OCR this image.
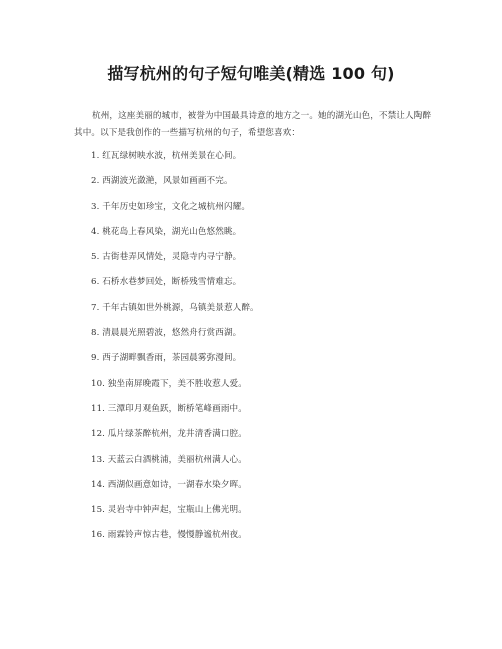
描写杭州的句子短句唯美(精选 100 句)

杭州，这座美丽的城市，被誉为中国最具诗意的地方之一。她的湖光山色，不禁让人陶醉其中。以下是我创作的一些描写杭州的句子，希望您喜欢：

1. 红瓦绿树映水波，杭州美景在心间。
2. 西湖波光潋滟，风景如画画不完。
3. 千年历史如珍宝，文化之城杭州闪耀。
4. 桃花岛上春风染，湖光山色悠然眺。
5. 古街巷弄风情处，灵隐寺内寻宁静。
6. 石桥水巷梦回处，断桥残雪情难忘。
7. 千年古镇如世外桃源，乌镇美景惹人醉。
8. 清晨晨光照碧波，悠然舟行赏西湖。
9. 西子湖畔飘香雨，茶园晨雾弥漫间。
10. 独坐南屏晚霞下，美不胜收惹人爱。
11. 三潭印月观鱼跃，断桥笔峰画雨中。
12. 瓜片绿茶醉杭州，龙井清香满口腔。
13. 天蓝云白酒桃浦，美丽杭州满人心。
14. 西湖似画意如诗，一湖春水染夕晖。
15. 灵岩寺中钟声起，宝瓶山上佛光明。
16. 雨霖铃声惊古巷，慢慢静谧杭州夜。
